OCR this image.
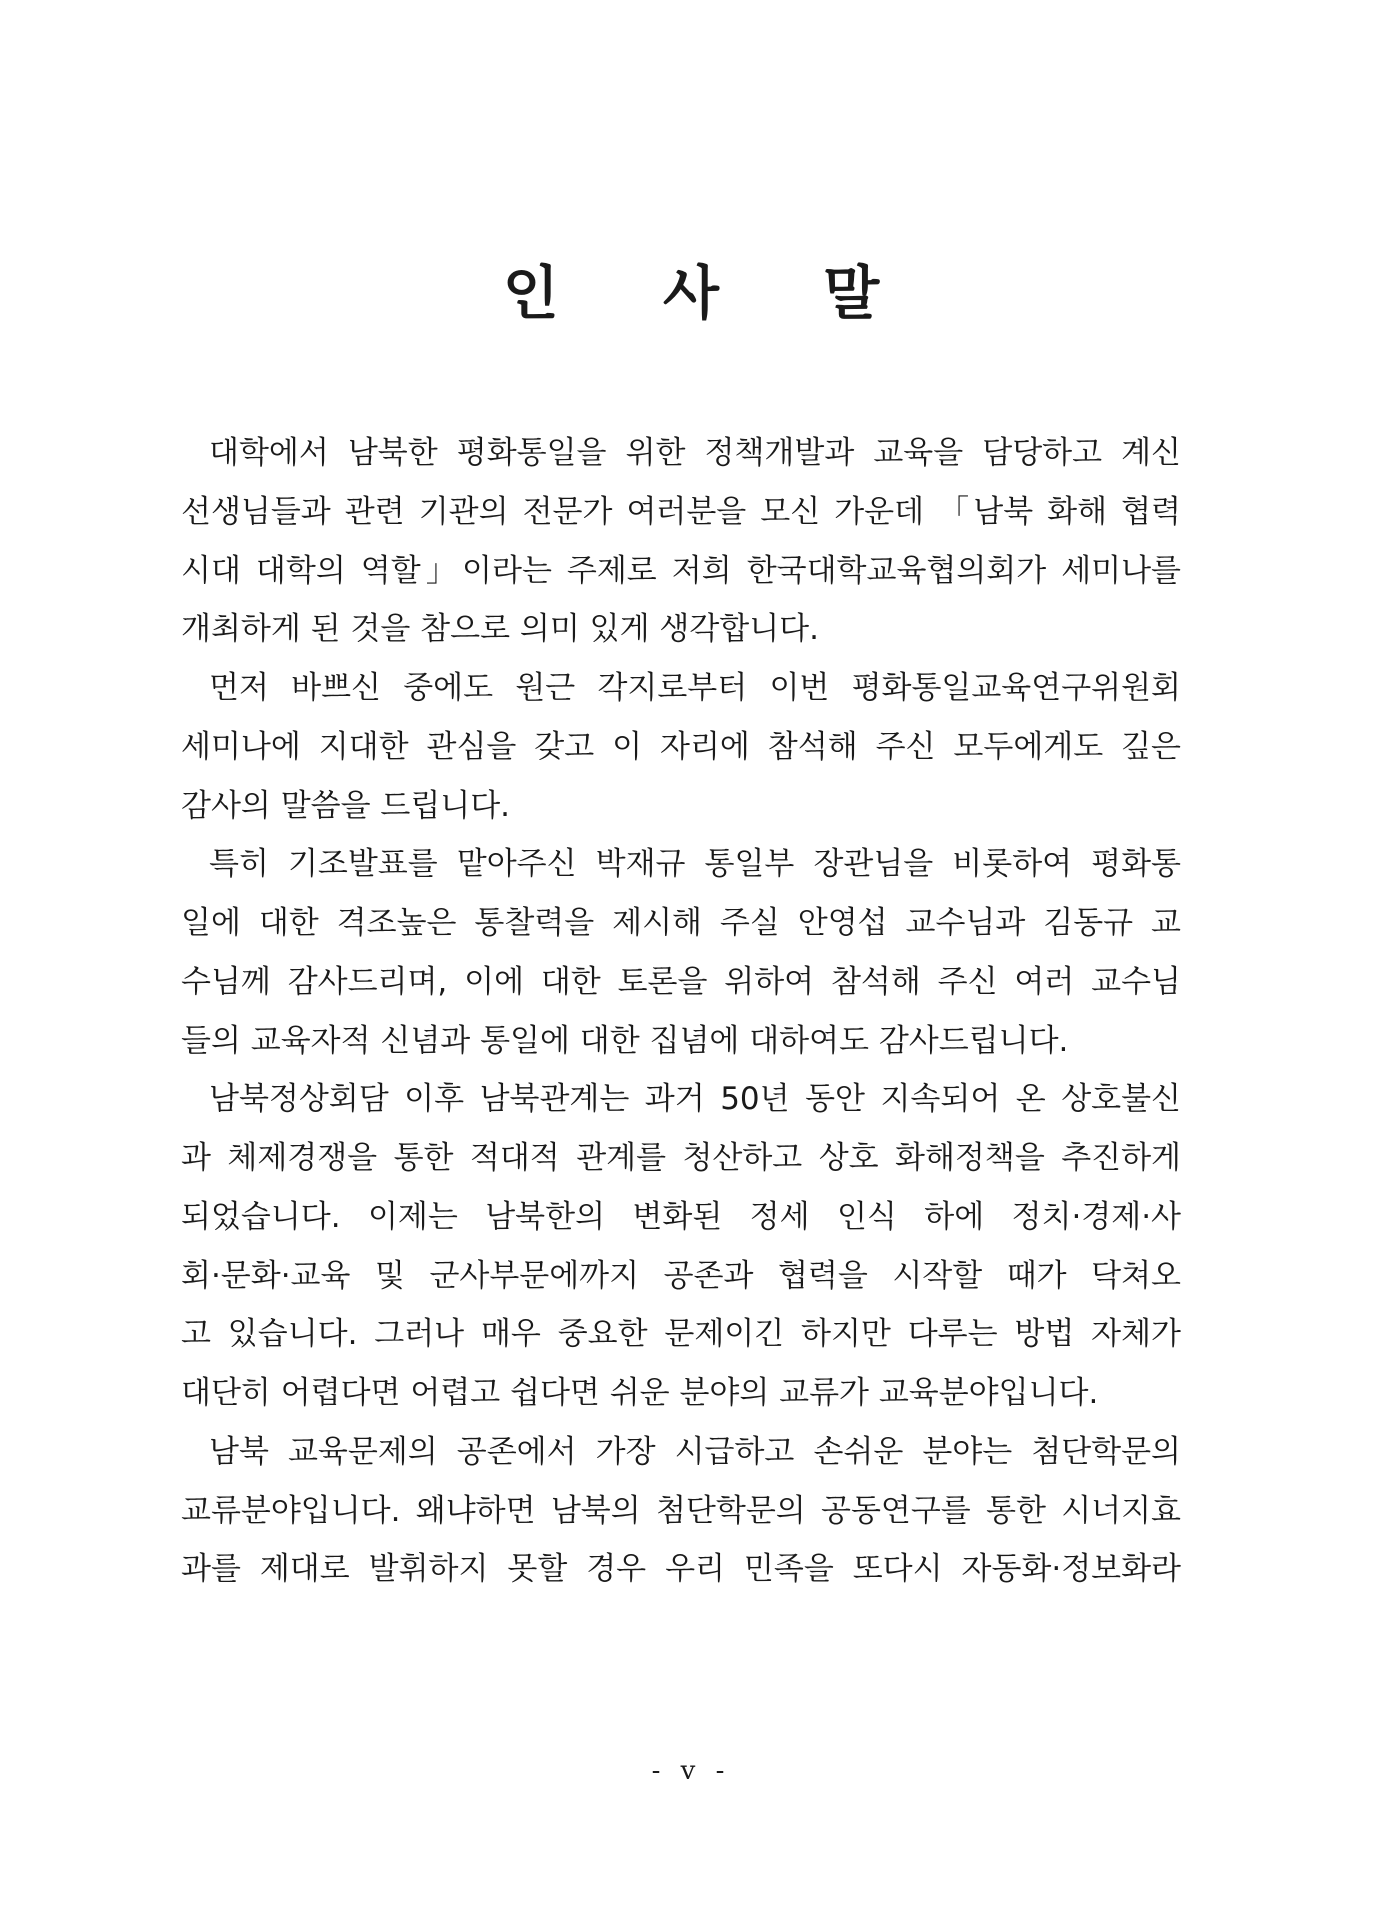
인 사 말
대학에서 남북한 평화통일을 위한 정책개발과 교육을 담당하고 계신
선생님들과 관련 기관의 전문가 여러분을 모신 가운데 「남북 화해 협력
시대 대학의 역할」이라는 주제로 저희 한국대학교육협의회가 세미나를
개최하게 된 것을 참으로 의미 있게 생각합니다.
먼저 바쁘신 중에도 원근 각지로부터 이번 평화통일교육연구위원회
세미나에 지대한 관심을 갖고 이 자리에 참석해 주신 모두에게도 깊은
감사의 말씀을 드립니다.
특히 기조발표를 맡아주신 박재규 통일부 장관님을 비롯하여 평화통
일에 대한 격조높은 통찰력을 제시해 주실 안영섭 교수님과 김동규 교
수님께 감사드리며, 이에 대한 토론을 위하여 참석해 주신 여러 교수님
들의 교육자적 신념과 통일에 대한 집념에 대하여도 감사드립니다.
남북정상회담 이후 남북관계는 과거 50년 동안 지속되어 온 상호불신
과 체제경쟁을 통한 적대적 관계를 청산하고 상호 화해정책을 추진하게
되었습니다. 이제는 남북한의 변화된 정세 인식 하에 정치·경제·사
회·문화·교육 및 군사부문에까지 공존과 협력을 시작할 때가 닥쳐오
고 있습니다. 그러나 매우 중요한 문제이긴 하지만 다루는 방법 자체가
대단히 어렵다면 어렵고 쉽다면 쉬운 분야의 교류가 교육분야입니다.
남북 교육문제의 공존에서 가장 시급하고 손쉬운 분야는 첨단학문의
교류분야입니다. 왜냐하면 남북의 첨단학문의 공동연구를 통한 시너지효
과를 제대로 발휘하지 못할 경우 우리 민족을 또다시 자동화·정보화라
- v -
